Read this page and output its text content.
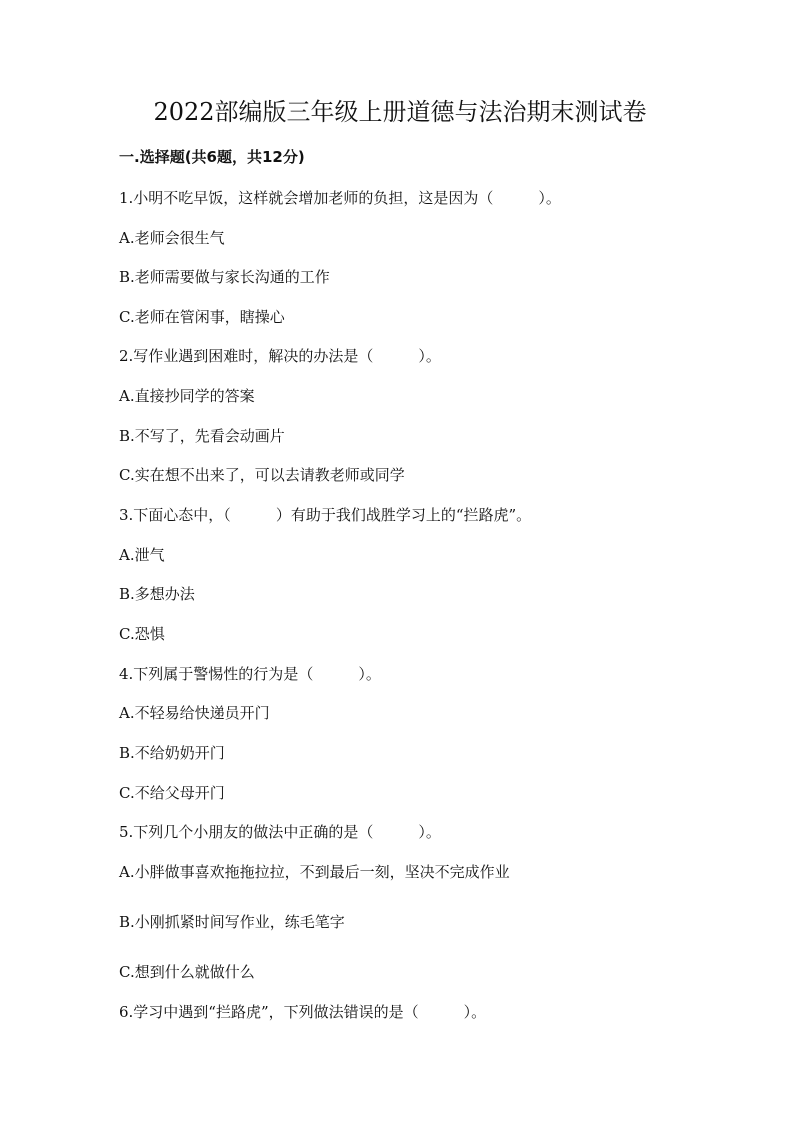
2022部编版三年级上册道德与法治期末测试卷
一.选择题(共6题，共12分)
1.小明不吃早饭，这样就会增加老师的负担，这是因为（　　　）。
A.老师会很生气
B.老师需要做与家长沟通的工作
C.老师在管闲事，瞎操心
2.写作业遇到困难时，解决的办法是（　　　）。
A.直接抄同学的答案
B.不写了，先看会动画片
C.实在想不出来了，可以去请教老师或同学
3.下面心态中，（　　　）有助于我们战胜学习上的“拦路虎”。
A.泄气
B.多想办法
C.恐惧
4.下列属于警惕性的行为是（　　　）。
A.不轻易给快递员开门
B.不给奶奶开门
C.不给父母开门
5.下列几个小朋友的做法中正确的是（　　　）。
A.小胖做事喜欢拖拖拉拉，不到最后一刻，坚决不完成作业
B.小刚抓紧时间写作业，练毛笔字
C.想到什么就做什么
6.学习中遇到“拦路虎”，下列做法错误的是（　　　）。
